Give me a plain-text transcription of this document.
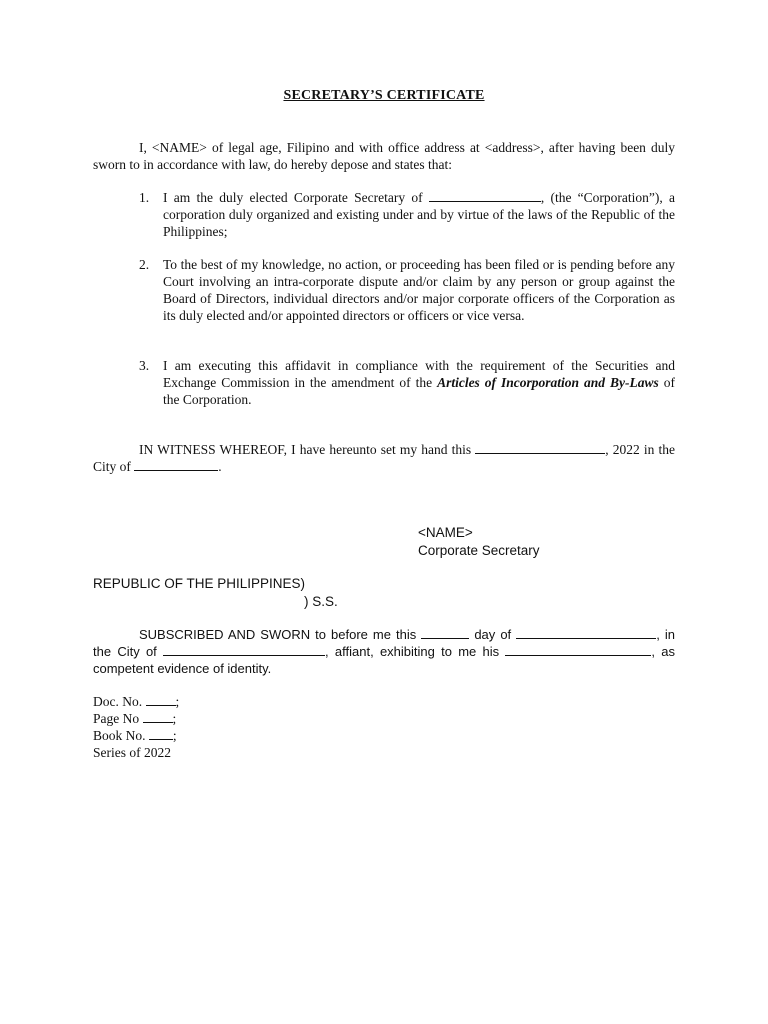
SECRETARY’S CERTIFICATE
I, <NAME> of legal age, Filipino and with office address at <address>, after having been duly sworn to in accordance with law, do hereby depose and states that:
1.	I am the duly elected Corporate Secretary of	, (the “Corporation”), a corporation duly organized and existing under and by virtue of the laws of the Republic of the Philippines;
2.	To the best of my knowledge, no action, or proceeding has been filed or is pending before any Court involving an intra-corporate dispute and/or claim by any person or group against the Board of Directors, individual directors and/or major corporate officers of the Corporation as its duly elected and/or appointed directors or officers or vice versa.
3.	I am executing this affidavit in compliance with the requirement of the Securities and Exchange Commission in the amendment of the Articles of Incorporation and By-Laws of the Corporation.
IN WITNESS WHEREOF, I have hereunto set my hand this	, 2022 in the City of	.
<NAME>
Corporate Secretary
REPUBLIC OF THE PHILIPPINES)
) S.S.
SUBSCRIBED AND SWORN to before me this	day of	, in the City of	, affiant, exhibiting to me his	, as competent evidence of identity.
Doc. No. ;
Page No ;
Book No. ;
Series of 2022
